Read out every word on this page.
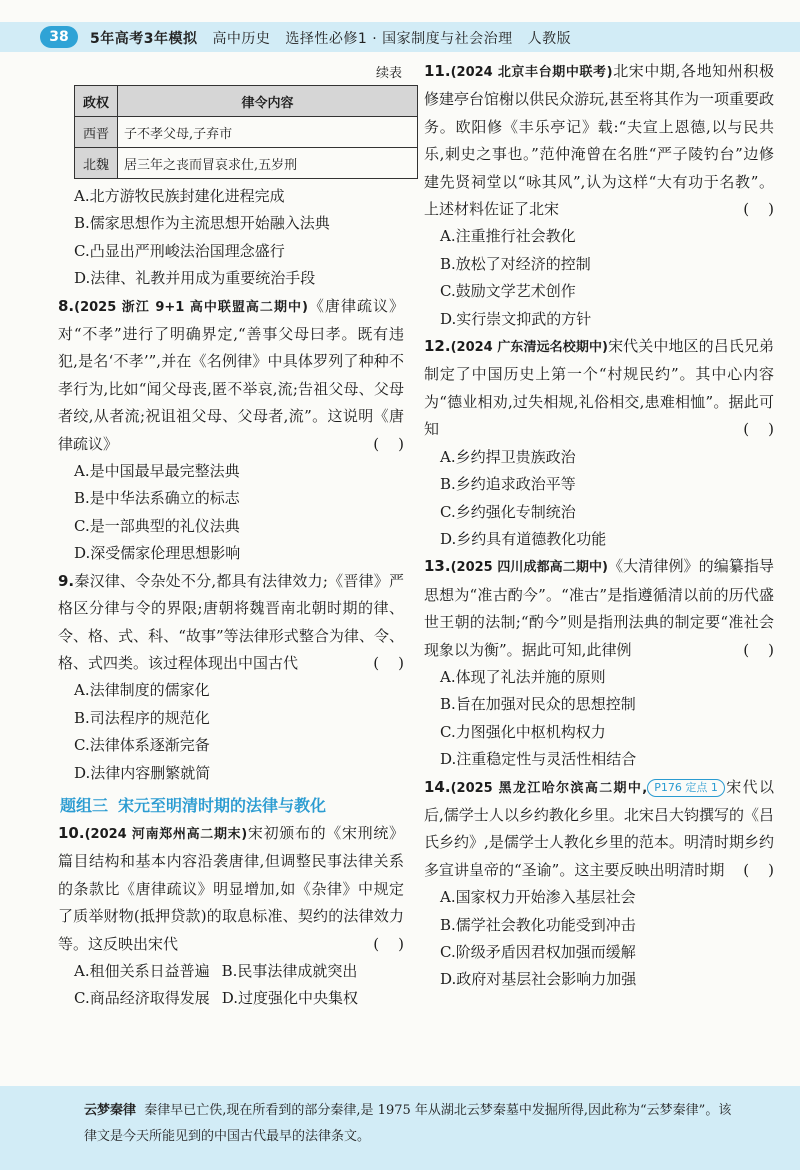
38	5年高考3年模拟 高中历史 选择性必修1 · 国家制度与社会治理 人教版
续表
政权	律令内容
西晋	子不孝父母,子弃市
北魏	居三年之丧而冒哀求仕,五岁刑
A.北方游牧民族封建化进程完成
B.儒家思想作为主流思想开始融入法典
C.凸显出严刑峻法治国理念盛行
D.法律、礼教并用成为重要统治手段
8.(2025 浙江 9+1 高中联盟高二期中)《唐律疏议》对“不孝”进行了明确界定,“善事父母曰孝。既有违犯,是名‘不孝’”,并在《名例律》中具体罗列了种种不孝行为,比如“闻父母丧,匿不举哀,流;告祖父母、父母者绞,从者流;祝诅祖父母、父母者,流”。这说明《唐律疏议》	(    )
A.是中国最早最完整法典
B.是中华法系确立的标志
C.是一部典型的礼仪法典
D.深受儒家伦理思想影响
9.秦汉律、令杂处不分,都具有法律效力;《晋律》严格区分律与令的界限;唐朝将魏晋南北朝时期的律、令、格、式、科、“故事”等法律形式整合为律、令、格、式四类。该过程体现出中国古代	(    )
A.法律制度的儒家化
B.司法程序的规范化
C.法律体系逐渐完备
D.法律内容删繁就简
题组三 宋元至明清时期的法律与教化
10.(2024 河南郑州高二期末)宋初颁布的《宋刑统》篇目结构和基本内容沿袭唐律,但调整民事法律关系的条款比《唐律疏议》明显增加,如《杂律》中规定了质举财物(抵押贷款)的取息标准、契约的法律效力等。这反映出宋代	(    )
A.租佃关系日益普遍 B.民事法律成就突出
C.商品经济取得发展 D.过度强化中央集权
11.(2024 北京丰台期中联考)北宋中期,各地知州积极修建亭台馆榭以供民众游玩,甚至将其作为一项重要政务。欧阳修《丰乐亭记》载:“夫宣上恩德,以与民共乐,刺史之事也。”范仲淹曾在名胜“严子陵钓台”边修建先贤祠堂以“咏其风”,认为这样“大有功于名教”。上述材料佐证了北宋	(    )
A.注重推行社会教化
B.放松了对经济的控制
C.鼓励文学艺术创作
D.实行崇文抑武的方针
12.(2024 广东清远名校期中)宋代关中地区的吕氏兄弟制定了中国历史上第一个“村规民约”。其中心内容为“德业相劝,过失相规,礼俗相交,患难相恤”。据此可知	(    )
A.乡约捍卫贵族政治
B.乡约追求政治平等
C.乡约强化专制统治
D.乡约具有道德教化功能
13.(2025 四川成都高二期中)《大清律例》的编纂指导思想为“准古酌今”。“准古”是指遵循清以前的历代盛世王朝的法制;“酌今”则是指刑法典的制定要“准社会现象以为衡”。据此可知,此律例	(    )
A.体现了礼法并施的原则
B.旨在加强对民众的思想控制
C.力图强化中枢机构权力
D.注重稳定性与灵活性相结合
14.(2025 黑龙江哈尔滨高二期中, P176 定点 1 宋代以后,儒学士人以乡约教化乡里。北宋吕大钧撰写的《吕氏乡约》,是儒学士人教化乡里的范本。明清时期乡约多宣讲皇帝的“圣谕”。这主要反映出明清时期 (    )
A.国家权力开始渗入基层社会
B.儒学社会教化功能受到冲击
C.阶级矛盾因君权加强而缓解
D.政府对基层社会影响力加强
云梦秦律 秦律早已亡佚,现在所看到的部分秦律,是 1975 年从湖北云梦秦墓中发掘所得,因此称为“云梦秦律”。该律文是今天所能见到的中国古代最早的法律条文。
